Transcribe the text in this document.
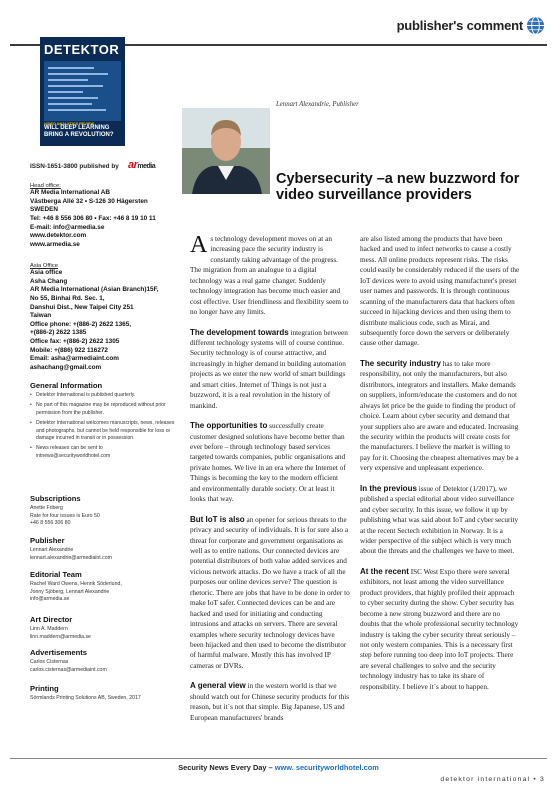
publisher's comment
DETEKTOR
VIDEO ANALYTICS REVIEW
WILL DEEP LEARNING BRING A REVOLUTION?
ISSN-1651-3800 published by armedia
Head office:
AR Media International AB
Västberga Allé 32 • S-126 30 Hägersten
SWEDEN
Tel: +46 8 556 306 80 • Fax: +46 8 19 10 11
E-mail: info@armedia.se
www.detektor.com
www.armedia.se
Asia Office
Asia office
Asha Chang
AR Media International (Asian Branch)15F,
No 55, Binhai Rd. Sec. 1,
Danshui Dist., New Taipei City 251
Taiwan
Office phone: +(886-2) 2622 1365,
+(886-2) 2622 1385
Office fax: +(886-2) 2622 1305
Mobile: +(886) 922 116272
Email: asha@armediaint.com
ashachang@gmail.com
General Information
• Detektor International is published quarterly.
• No part of this magazine may be reproduced without prior permission from the publisher.
• Detektor International welcomes manuscripts, news, releases and photographs, but cannot be held responsible for loss or damage incurred in transit or in possession.
• News releases can be sent to intnews@securityworldhotel.com
Subscriptions
Anette Friberg
Rate for four issues is Euro 50
+46 8 556 306 80
Publisher
Lennart Alexandrie
lennart.alexandrie@armediaint.com
Editorial Team
Rachel Ward Owens, Henrik Söderlund,
Jonny Sjöberg, Lennart Alexandrie
info@armedia.se
Art Director
Linn A. Maddern
linn.maddern@armedia.se
Advertisements
Carlos Cisternas
carlos.cisternas@armediaint.com
Printing
Sörmlands Printing Solutions AB, Sweden, 2017
Lennart Alexandrie, Publisher
Cybersecurity –a new buzzword for video surveillance providers

As technology development moves on at an increasing pace the security industry is constantly taking advantage of the progress. The migration from an analogue to a digital technology was a real game changer. Suddenly technology integration has become much easier and cost effective. User friendliness and flexibility seem to no longer have any limits.

The development towards integration between different technology systems will of course continue. Security technology is of course attractive, and increasingly in higher demand in building automation projects as we enter the new world of smart buildings and smart cities. Internet of Things is not just a buzzword, it is a real revolution in the history of mankind.

The opportunities to successfully create customer designed solutions have become better than ever before – through technology based services targeted towards companies, public organisations and private homes. We live in an era where the Internet of Things is becoming the key to the modern efficient and environmentally durable society. Or at least it looks that way.

But IoT is also an opener for serious threats to the privacy and security of individuals. It is for sure also a threat for corporate and government organisations as well as to entire nations. Our connected devices are potential distributors of both value added services and vicious network attacks. Do we have a track of all the purposes our online devices serve? The question is rhetoric. There are jobs that have to be done in order to make IoT safer. Connected devices can be and are hacked and used for initiating and conducting intrusions and attacks on servers. There are several examples where security technology devices have been hijacked and then used to become the distributor of harmful malware. Mostly this has involved IP cameras or DVRs.

A general view in the western world is that we should watch out for Chinese security products for this reason, but it´s not that simple. Big Japanese, US and European manufacturers' brands

are also listed among the products that have been hacked and used to infect networks to cause a costly mess. All online products represent risks. The risks could easily be considerably reduced if the users of the IoT devices were to avoid using manufacturer's preset user names and passwords. It is through continuous scanning of the manufacturers data that hackers often succeed in hijacking devices and then using them to distribute malicious code, such as Mirai, and subsequently force down the servers or deliberately cause other damage.

The security industry has to take more responsibility, not only the manufacturers, but also distributors, integrators and installers. Make demands on suppliers, inform/educate the customers and do not always let price be the guide to finding the product of choice. Learn about cyber security and demand that your suppliers also are aware and educated. Increasing the security within the products will create costs for the manufacturers. I believe the market is willing to pay for it. Choosing the cheapest alternatives may be a very expensive and unpleasant experience.

In the previous issue of Detektor (1/2017), we published a special editorial about video surveillance and cyber security. In this issue, we follow it up by publishing what was said about IoT and cyber security at the recent Sectech exhibition in Norway. It is a wider perspective of the subject which is very much about the threats and the challenges we have to meet.

At the recent ISC West Expo there were several exhibitors, not least among the video surveillance product providers, that highly profiled their approach to cyber security during the show. Cyber security has become a new strong buzzword and there are no doubts that the whole professional security technology industry is taking the cyber security threat seriously – not only western companies. This is a necessary first step before running too deep into IoT projects. There are several challenges to solve and the security technology industry has to take its share of responsibility. I believe it´s about to happen.

Security News Every Day – www. securityworldhotel.com
detektor international • 3
